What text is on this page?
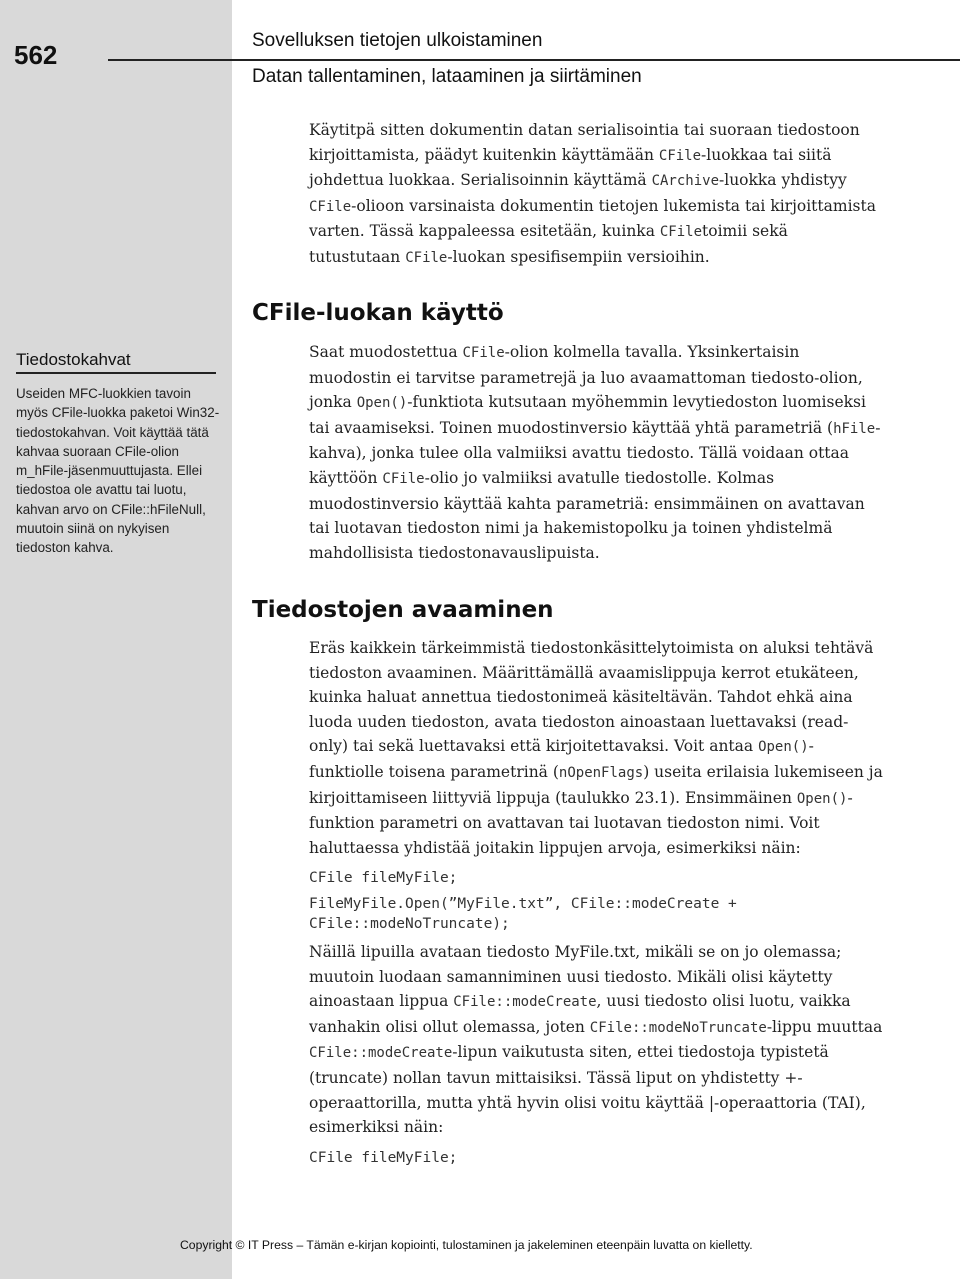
562	Sovelluksen tietojen ulkoistaminen
Datan tallentaminen, lataaminen ja siirtäminen

Käytitpä sitten dokumentin datan serialisointia tai suoraan tiedostoon kirjoittamista, päädyt kuitenkin käyttämään CFile-luokkaa tai siitä johdettua luokkaa. Serialisoinnin käyttämä CArchive-luokka yhdistyy CFile-olioon varsinaista dokumentin tietojen lukemista tai kirjoittamista varten. Tässä kappaleessa esitetään, kuinka CFiletoimii sekä tutustutaan CFile-luokan spesifisempiin versioihin.

CFile-luokan käyttö

Saat muodostettua CFile-olion kolmella tavalla. Yksinkertaisin muodostin ei tarvitse parametrejä ja luo avaamattoman tiedosto-olion, jonka Open()-funktiota kutsutaan myöhemmin levytiedoston luomiseksi tai avaamiseksi. Toinen muodostinversio käyttää yhtä parametriä (hFile-kahva), jonka tulee olla valmiiksi avattu tiedosto. Tällä voidaan ottaa käyttöön CFile-olio jo valmiiksi avatulle tiedostolle. Kolmas muodostinversio käyttää kahta parametriä: ensimmäinen on avattavan tai luotavan tiedoston nimi ja hakemistopolku ja toinen yhdistelmä mahdollisista tiedostonavauslipuista.

Tiedostokahvat
Useiden MFC-luokkien tavoin myös CFile-luokka paketoi Win32-tiedostokahvan. Voit käyttää tätä kahvaa suoraan CFile-olion m_hFile-jäsenmuuttujasta. Ellei tiedostoa ole avattu tai luotu, kahvan arvo on CFile::hFileNull, muutoin siinä on nykyisen tiedoston kahva.
Tiedostojen avaaminen

Eräs kaikkein tärkeimmistä tiedostonkäsittelytoimista on aluksi tehtävä tiedoston avaaminen. Määrittämällä avaamislippuja kerrot etukäteen, kuinka haluat annettua tiedostonimeä käsiteltävän. Tahdot ehkä aina luoda uuden tiedoston, avata tiedoston ainoastaan luettavaksi (read-only) tai sekä luettavaksi että kirjoitettavaksi. Voit antaa Open()-funktiolle toisena parametrinä (nOpenFlags) useita erilaisia lukemiseen ja kirjoittamiseen liittyviä lippuja (taulukko 23.1). Ensimmäinen Open()-funktion parametri on avattavan tai luotavan tiedoston nimi. Voit haluttaessa yhdistää joitakin lippujen arvoja, esimerkiksi näin:

CFile fileMyFile;
FileMyFile.Open(”MyFile.txt”, CFile::modeCreate +
CFile::modeNoTruncate);

Näillä lipuilla avataan tiedosto MyFile.txt, mikäli se on jo olemassa; muutoin luodaan samanniminen uusi tiedosto. Mikäli olisi käytetty ainoastaan lippua CFile::modeCreate, uusi tiedosto olisi luotu, vaikka vanhakin olisi ollut olemassa, joten CFile::modeNoTruncate-lippu muuttaa CFile::modeCreate-lipun vaikutusta siten, ettei tiedostoja typistetä (truncate) nollan tavun mittaisiksi. Tässä liput on yhdistetty +-operaattorilla, mutta yhtä hyvin olisi voitu käyttää |-operaattoria (TAI), esimerkiksi näin:

CFile fileMyFile;
Copyright © IT Press – Tämän e-kirjan kopiointi, tulostaminen ja jakeleminen eteenpäin luvatta on kielletty.
